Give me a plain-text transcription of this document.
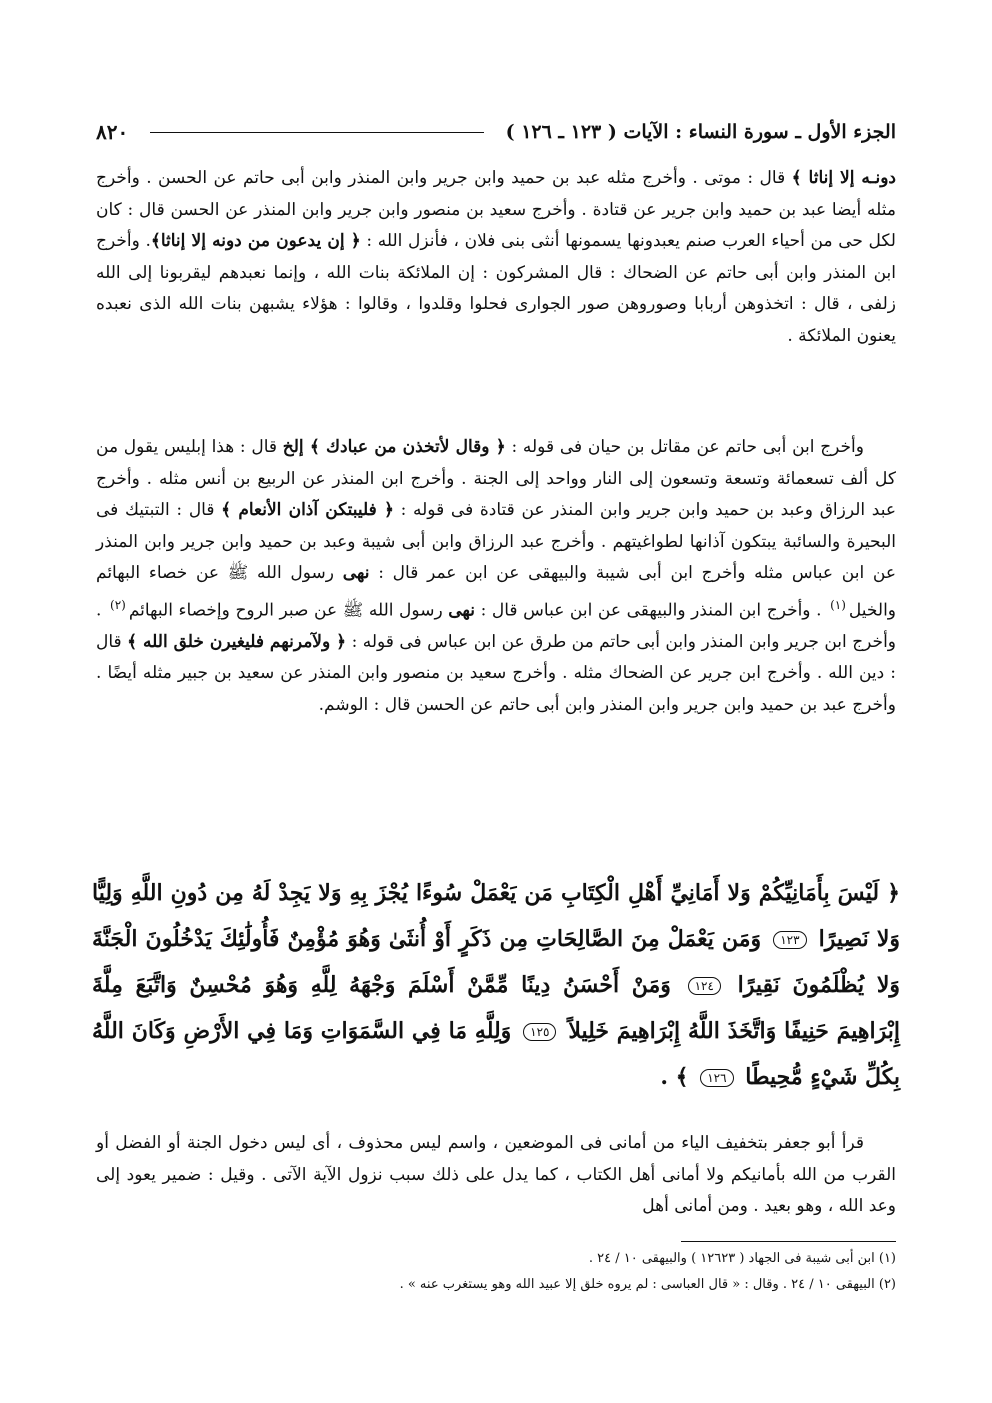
الجزء الأول ـ سورة النساء : الآيات ( ١٢٣ ـ ١٢٦ )
٨٢٠
دونـه إلا إناثا ﴾ قال : موتى . وأخرج مثله عبد بن حميد وابن جرير وابن المنذر وابن أبى حاتم عن الحسن . وأخرج مثله أيضا عبد بن حميد وابن جرير عن قتادة . وأخرج سعيد بن منصور وابن جرير وابن المنذر عن الحسن قال : كان لكل حى من أحياء العرب صنم يعبدونها يسمونها أنثى بنى فلان ، فأنزل الله : ﴿ إن يدعون من دونه إلا إناثا﴾. وأخرج ابن المنذر وابن أبى حاتم عن الضحاك : قال المشركون : إن الملائكة بنات الله ، وإنما نعبدهم ليقربونا إلى الله زلفى ، قال : اتخذوهن أربابا وصوروهن صور الجوارى فحلوا وقلدوا ، وقالوا : هؤلاء يشبهن بنات الله الذى نعبده يعنون الملائكة .
وأخرج ابن أبى حاتم عن مقاتل بن حيان فى قوله : ﴿ وقال لأتخذن من عبادك ﴾ إلخ قال : هذا إبليس يقول من كل ألف تسعمائة وتسعة وتسعون إلى النار وواحد إلى الجنة . وأخرج ابن المنذر عن الربيع بن أنس مثله . وأخرج عبد الرزاق وعبد بن حميد وابن جرير وابن المنذر عن قتادة فى قوله : ﴿ فليبتكن آذان الأنعام ﴾ قال : التبتيك فى البحيرة والسائبة يبتكون آذانها لطواغيتهم . وأخرج عبد الرزاق وابن أبى شيبة وعبد بن حميد وابن جرير وابن المنذر عن ابن عباس مثله وأخرج ابن أبى شيبة والبيهقى عن ابن عمر قال : نهى رسول الله ﷺ عن خصاء البهائم والخيل$^{(١)}$ . وأخرج ابن المنذر والبيهقى عن ابن عباس قال : نهى رسول الله ﷺ عن صبر الروح وإخصاء البهائم$^{(٢)}$ . وأخرج ابن جرير وابن المنذر وابن أبى حاتم من طرق عن ابن عباس فى قوله : ﴿ ولآمرنهم فليغيرن خلق الله ﴾ قال : دين الله . وأخرج ابن جرير عن الضحاك مثله . وأخرج سعيد بن منصور وابن المنذر عن سعيد بن جبير مثله أيضًا . وأخرج عبد بن حميد وابن جرير وابن المنذر وابن أبى حاتم عن الحسن قال : الوشم.
﴿ لَيْسَ بِأَمَانِيِّكُمْ وَلا أَمَانِيِّ أَهْلِ الْكِتَابِ مَن يَعْمَلْ سُوءًا يُجْزَ بِهِ وَلا يَجِدْ لَهُ مِن دُونِ اللَّهِ وَلِيًّا وَلا نَصِيرًا ١٢٣ وَمَن يَعْمَلْ مِنَ الصَّالِحَاتِ مِن ذَكَرٍ أَوْ أُنثَىٰ وَهُوَ مُؤْمِنٌ فَأُولَٰئِكَ يَدْخُلُونَ الْجَنَّةَ وَلا يُظْلَمُونَ نَقِيرًا ١٢٤ وَمَنْ أَحْسَنُ دِينًا مِّمَّنْ أَسْلَمَ وَجْهَهُ لِلَّهِ وَهُوَ مُحْسِنٌ وَاتَّبَعَ مِلَّةَ إِبْرَاهِيمَ حَنِيفًا وَاتَّخَذَ اللَّهُ إِبْرَاهِيمَ خَلِيلاً ١٢٥ وَلِلَّهِ مَا فِي السَّمَوَاتِ وَمَا فِي الأَرْضِ وَكَانَ اللَّهُ بِكُلِّ شَيْءٍ مُّحِيطًا ١٢٦ ﴾ .
قرأ أبو جعفر بتخفيف الياء من أمانى فى الموضعين ، واسم ليس محذوف ، أى ليس دخول الجنة أو الفضل أو القرب من الله بأمانيكم ولا أمانى أهل الكتاب ، كما يدل على ذلك سبب نزول الآية الآتى . وقيل : ضمير يعود إلى وعد الله ، وهو بعيد . ومن أمانى أهل
(١) ابن أبى شيبة فى الجهاد ( ١٢٦٢٣ ) والبيهقى ١٠ / ٢٤ .
(٢) البيهقى ١٠ / ٢٤ . وقال : « قال العباسى : لم يروه خلق إلا عبيد الله وهو يستغرب عنه » .
